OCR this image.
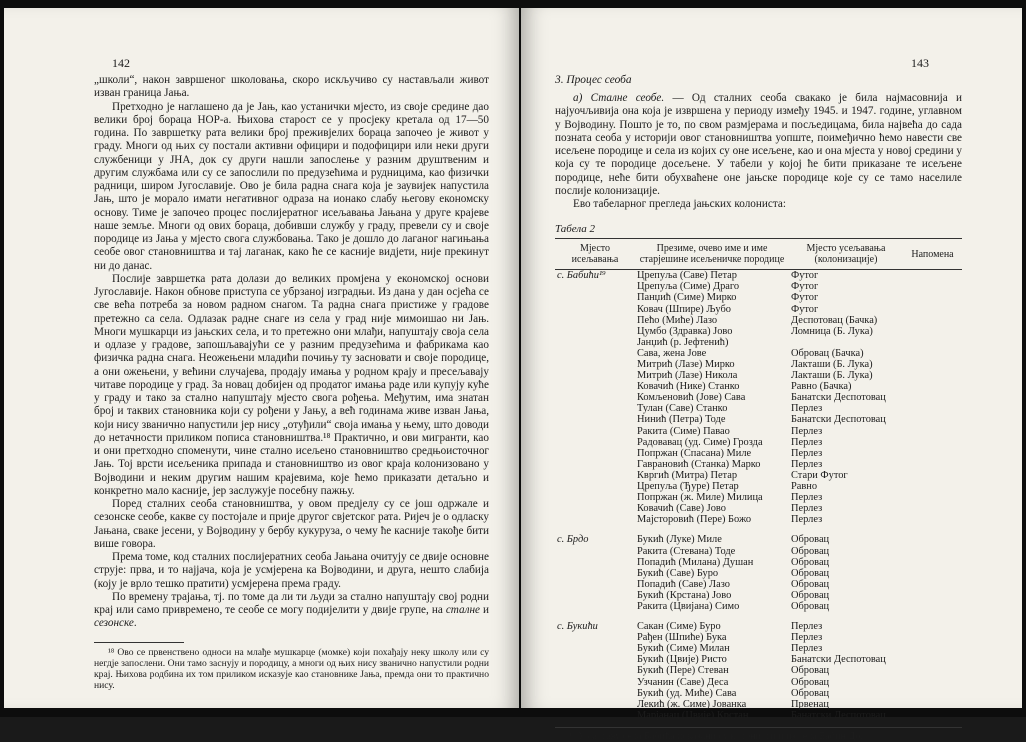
142

„школи“, након завршеног школовања, скоро искључиво су настављали живот изван граница Јања.

Претходно је наглашено да је Јањ, као устанички мјесто, из своје средине дао велики број бораца НОР-а. Њихова старост се у просјеку кретала од 17—50 година. По завршетку рата велики број преживјелих бораца започео је живот у граду. Многи од њих су постали активни официри и подофицири или неки други службеници у ЈНА, док су други нашли запослење у разним друштвеним и другим службама или су се запослили по предузећима и рудницима, као физички радници, широм Југославије. Ово је била радна снага која је заувијек напустила Јањ, што је морало имати негативног одраза на ионако слабу његову економску основу. Тиме је започео процес послијератног исељавања Јањана у друге крајеве наше земље. Многи од ових бораца, добивши службу у граду, превели су и своје породице из Јања у мјесто свога службовања. Тако је дошло до лаганог нагињања сеобе овог становништва и тај лаганак, како ће се касније видјети, није прекинут ни до данас.

Послије завршетка рата долази до великих промјена у економској основи Југославије. Након обнове приступа се убрзаној изградњи. Из дана у дан осјећа се све већа потреба за новом радном снагом. Та радна снага пристиже у градове претежно са села. Одлазак радне снаге из села у град није мимоишао ни Јањ. Многи мушкарци из јањских села, и то претежно они млађи, напуштају своја села и одлазе у градове, запошљавајући се у разним предузећима и фабрикама као физичка радна снага. Неожењени младићи почињу ту засновати и своје породице, а они ожењени, у већини случајева, продају имања у родном крају и пресељавају читаве породице у град. За новац добијен од продатог имања раде или купују куће у граду и тако за стално напуштају мјесто свога рођења. Међутим, има знатан број и таквих становника који су рођени у Јању, а већ годинама живе изван Јања, који нису званично напустили јер нису „отуђили“ своја имања у њему, што доводи до нетачности приликом пописа становништва.¹⁸ Практично, и ови мигранти, као и они претходно споменути, чине стално исељено становништво средњоисточног Јањ. Тој врсти исељеника припада и становништво из овог краја колонизовано у Војводини и неким другим нашим крајевима, које ћемо приказати детаљно и конкретно мало касније, јер заслужује посебну пажњу.

Поред сталних сеоба становништва, у овом предјелу су се још одржале и сезонске сеобе, какве су постојале и прије другог свјетског рата. Ријеч је о одласку Јањана, сваке јесени, у Војводину у бербу кукуруза, о чему ће касније такође бити више говора.

Према томе, код сталних послијератних сеоба Јањана очитују се двије основне струје: прва, и то најјача, која је усмјерена ка Војводини, и друга, нешто слабија (коју је врло тешко пратити) усмјерена према граду.

По времену трајања, тј. по томе да ли ти људи за стално напуштају свој родни крај или само привремено, те сеобе се могу подијелити у двије групе, на сталне и сезонске.

¹⁸ Ово се првенствено односи на млађе мушкарце (момке) који похађају неку школу или су негдје запослени. Они тамо заснују и породицу, а многи од њих нису званично напустили родни крај. Њихова родбина их том приликом исказује као становнике Јања, премда они то практично нису.
143
3. Процес сеоба

а) Сталне сеобе. — Од сталних сеоба свакако је била најмасовнија и најуочљивија она која је извршена у периоду између 1945. и 1947. године, углавном у Војводину. Пошто је то, по свом размјерама и посљедицама, била највећа до сада позната сеоба у историји овог становништва уопште, поимеђично ћемо навести све исељене породице и села из којих су оне исељене, као и она мјеста у новој средини у која су те породице досељене. У табели у којој ће бити приказане те исељене породице, неће бити обухваћене оне јањске породице које су се тамо населиле послије колонизације.

Ево табеларног прегледа јањских колониста:

Табела 2
Мјесто исељавања	Презиме, очево име и име старјешине исељеничке породице	Мјесто усељавања (колонизације)	Напомена
с. Бабићи¹⁹	Црепуља (Саве) Петар	Футог	
	Црепуља (Симе) Драго	Футог	
	Панџић (Симе) Мирко	Футог	
	Ковач (Шпире) Љубо	Футог	
	Пећо (Миће) Лазо	Деспотовац (Бачка)	
	Цумбо (Здравка) Јово	Ломница (Б. Лука)	
	Јанџић (р. Јефтенић)		
	Сава, жена Јове	Обровац (Бачка)	
	Митрић (Лазе) Мирко	Лакташи (Б. Лука)	
	Митрић (Лазе) Никола	Лакташи (Б. Лука)	
	Ковачић (Нике) Станко	Равно (Бачка)	
	Комљеновић (Јове) Сава	Банатски Деспотовац	
	Тулан (Саве) Станко	Перлез	
	Нинић (Петра) Тоде	Банатски Деспотовац	
	Ракита (Симе) Павао	Перлез	
	Радовавац (уд. Симе) Грозда	Перлез	
	Попржан (Спасана) Миле	Перлез	
	Гаврановић (Станка) Марко	Перлез	
	Квргић (Митра) Петар	Стари Футог	
	Црепуља (Ђуре) Петар	Равно	
	Попржан (ж. Миле) Милица	Перлез	
	Ковачић (Саве) Јово	Перлез	
	Мајсторовић (Пере) Божо	Перлез	

с. Брдо	Букић (Луке) Миле	Обровац	
	Ракита (Стевана) Тоде	Обровац	
	Попадић (Милана) Душан	Обровац	
	Букић (Саве) Буро	Обровац	
	Попадић (Саве) Лазо	Обровац	
	Букић (Крстана) Јово	Обровац	
	Ракита (Цвијана) Симо	Обровац	

с. Букићи	Сакан (Симе) Буро	Перлез	
	Рађен (Шпиће) Бука	Перлез	
	Букић (Симе) Милан	Перлез	
	Букић (Цвије) Ристо	Банатски Деспотовац	
	Букић (Пере) Стеван	Обровац	
	Узчанин (Саве) Деса	Обровац	
	Букић (уд. Миће) Сава	Обровац	
	Лекић (ж. Симе) Јованка	Првенац	
	Марјанац (Цвије) Крстан	Банатски Деспотовац	
¹⁹ У саставу села Бабића исказани су колонисти и из села Бабин До.
